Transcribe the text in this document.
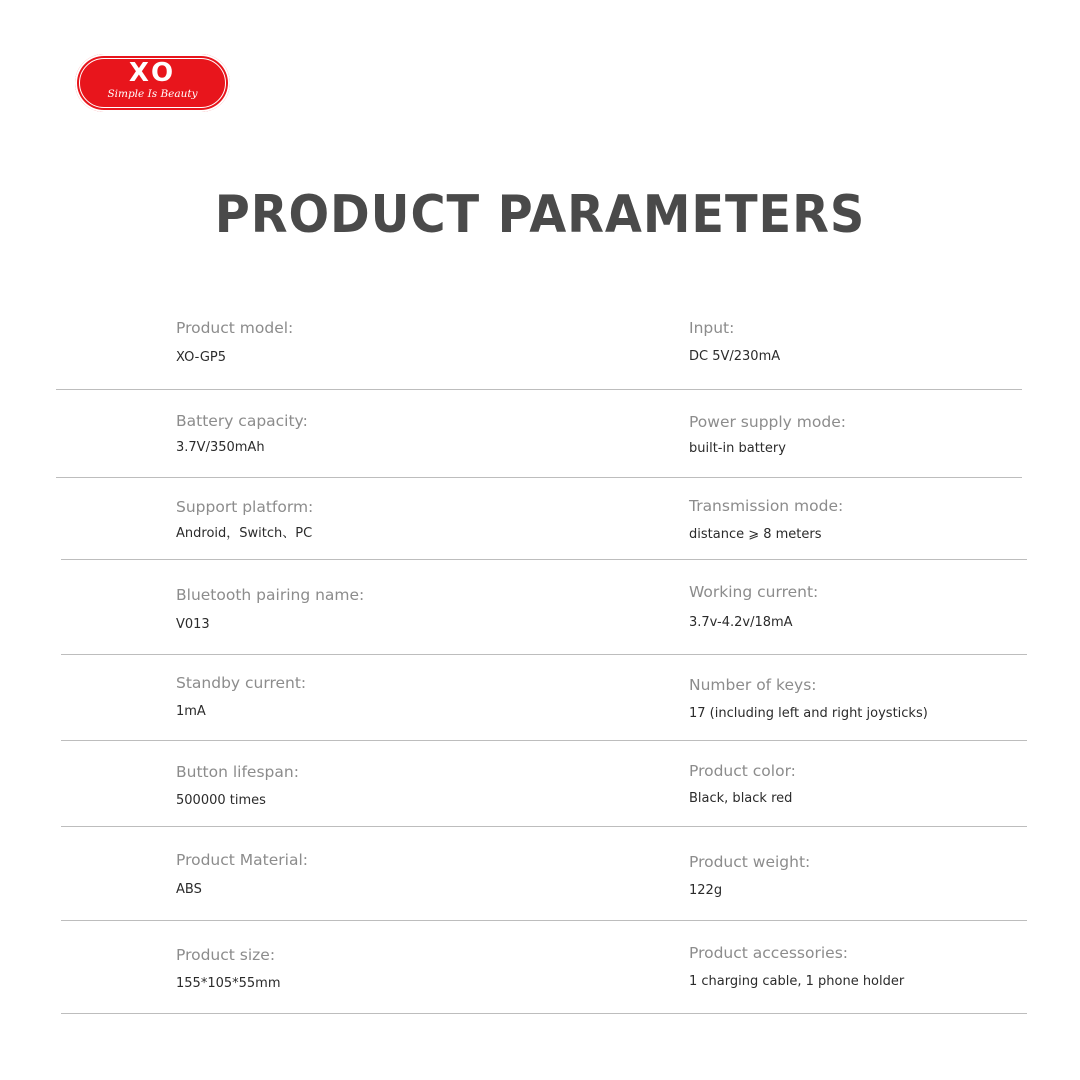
XO
Simple Is Beauty
PRODUCT PARAMETERS
Product model:
XO-GP5
Input:
DC 5V/230mA
Battery capacity:
3.7V/350mAh
Power supply mode:
built-in battery
Support platform:
Android，Switch、PC
Transmission mode:
distance ⩾ 8 meters
Bluetooth pairing name:
V013
Working current:
3.7v-4.2v/18mA
Standby current:
1mA
Number of keys:
17 (including left and right joysticks)
Button lifespan:
500000 times
Product color:
Black, black red
Product Material:
ABS
Product weight:
122g
Product size:
155*105*55mm
Product accessories:
1 charging cable, 1 phone holder
